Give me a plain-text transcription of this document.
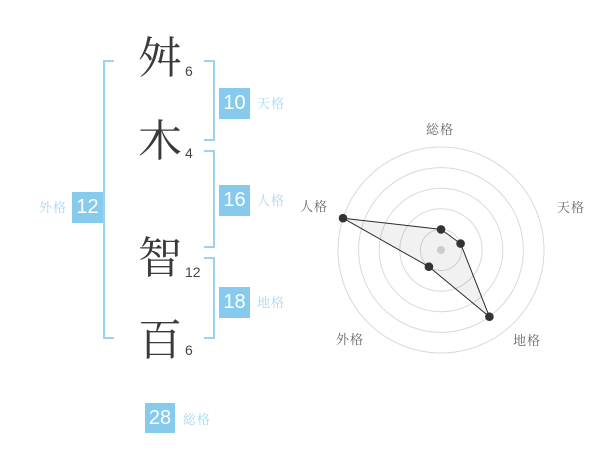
舛
木
智
百
6
4
12
6
10 天格
16 人格
18 地格
外格 12
28 総格
総格
天格
地格
外格
人格
